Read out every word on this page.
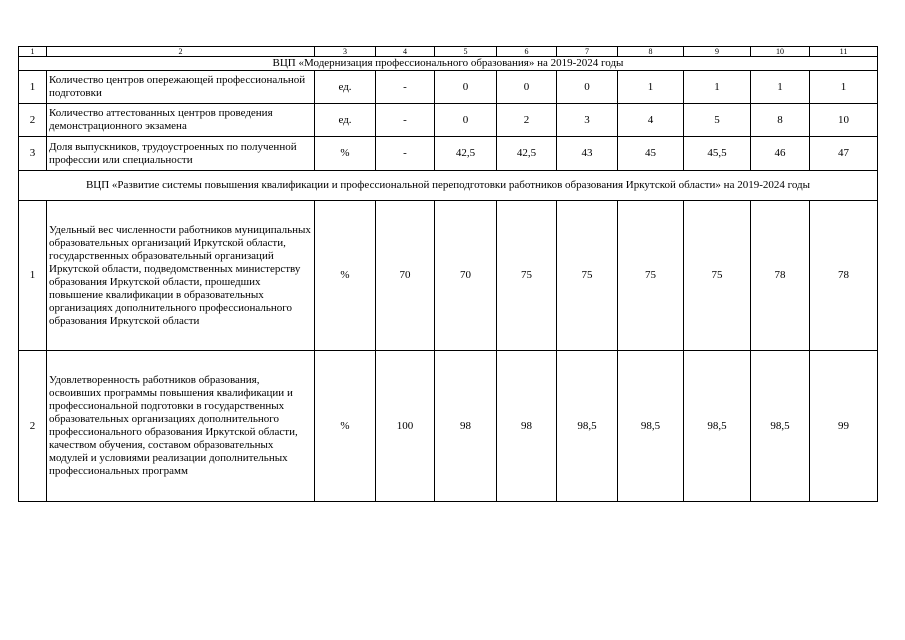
1	2	3	4	5	6	7	8	9	10	11
ВЦП «Модернизация профессионального образования» на 2019-2024 годы										
1	Количество центров опережающей профессиональной подготовки	ед.	-	0	0	0	1	1	1	1
2	Количество аттестованных центров проведения демонстрационного экзамена	ед.	-	0	2	3	4	5	8	10
3	Доля выпускников, трудоустроенных по полученной профессии или специальности	%	-	42,5	42,5	43	45	45,5	46	47
ВЦП «Развитие системы повышения квалификации и профессиональной переподготовки работников образования Иркутской области» на 2019-2024 годы										
1	Удельный вес численности работников муниципальных образовательных организаций Иркутской области, государственных образовательный организаций Иркутской области, подведомственных министерству образования Иркутской области, прошедших повышение квалификации в образовательных организациях дополнительного профессионального образования Иркутской области	%	70	70	75	75	75	75	78	78
2	Удовлетворенность работников образования, освоивших программы повышения квалификации и профессиональной подготовки в государственных образовательных организациях дополнительного профессионального образования Иркутской области, качеством обучения, составом образовательных модулей и условиями реализации дополнительных профессиональных программ	%	100	98	98	98,5	98,5	98,5	98,5	99
